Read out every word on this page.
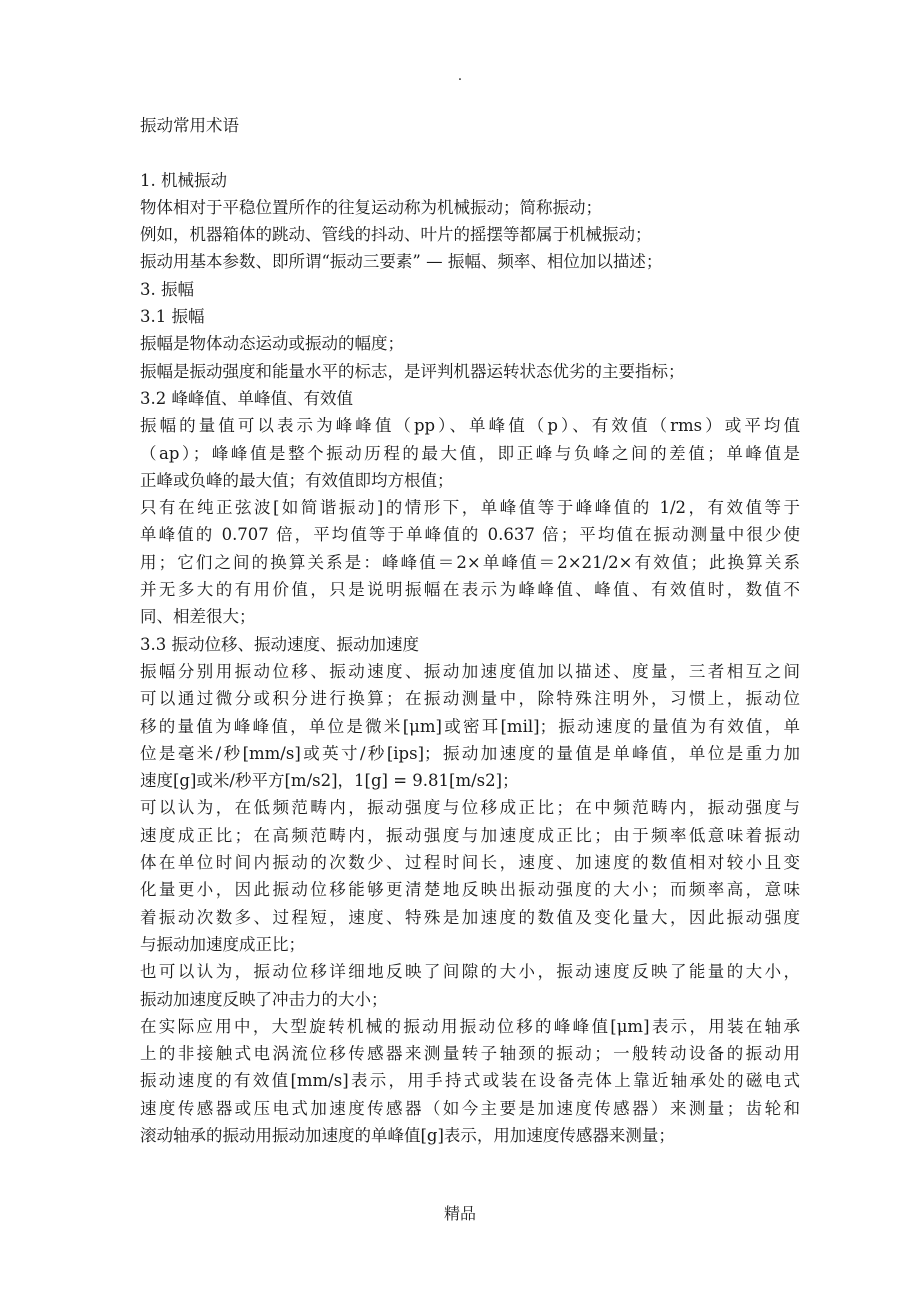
.
振动常用术语
1. 机械振动
物体相对于平稳位置所作的往复运动称为机械振动；简称振动；
例如，机器箱体的跳动、管线的抖动、叶片的摇摆等都属于机械振动；
振动用基本参数、即所谓“振动三要素” — 振幅、频率、相位加以描述；
3. 振幅
3.1 振幅
振幅是物体动态运动或振动的幅度；
振幅是振动强度和能量水平的标志，是评判机器运转状态优劣的主要指标；
3.2 峰峰值、单峰值、有效值
振幅的量值可以表示为峰峰值（pp）、单峰值（p）、有效值（rms）或平均值
（ap）；峰峰值是整个振动历程的最大值，即正峰与负峰之间的差值；单峰值是
正峰或负峰的最大值；有效值即均方根值；
只有在纯正弦波[如简谐振动]的情形下，单峰值等于峰峰值的 1/2，有效值等于
单峰值的 0.707 倍，平均值等于单峰值的 0.637 倍；平均值在振动测量中很少使
用；它们之间的换算关系是：峰峰值＝2×单峰值＝2×21/2×有效值；此换算关系
并无多大的有用价值，只是说明振幅在表示为峰峰值、峰值、有效值时，数值不
同、相差很大；
3.3 振动位移、振动速度、振动加速度
振幅分别用振动位移、振动速度、振动加速度值加以描述、度量，三者相互之间
可以通过微分或积分进行换算；在振动测量中，除特殊注明外，习惯上，振动位
移的量值为峰峰值，单位是微米[μm]或密耳[mil]；振动速度的量值为有效值，单
位是毫米/秒[mm/s]或英寸/秒[ips]；振动加速度的量值是单峰值，单位是重力加
速度[g]或米/秒平方[m/s2]，1[g] = 9.81[m/s2]；
可以认为，在低频范畴内，振动强度与位移成正比；在中频范畴内，振动强度与
速度成正比；在高频范畴内，振动强度与加速度成正比；由于频率低意味着振动
体在单位时间内振动的次数少、过程时间长，速度、加速度的数值相对较小且变
化量更小，因此振动位移能够更清楚地反映出振动强度的大小；而频率高，意味
着振动次数多、过程短，速度、特殊是加速度的数值及变化量大，因此振动强度
与振动加速度成正比；
也可以认为，振动位移详细地反映了间隙的大小，振动速度反映了能量的大小，
振动加速度反映了冲击力的大小；
在实际应用中，大型旋转机械的振动用振动位移的峰峰值[μm]表示，用装在轴承
上的非接触式电涡流位移传感器来测量转子轴颈的振动；一般转动设备的振动用
振动速度的有效值[mm/s]表示，用手持式或装在设备壳体上靠近轴承处的磁电式
速度传感器或压电式加速度传感器（如今主要是加速度传感器）来测量；齿轮和
滚动轴承的振动用振动加速度的单峰值[g]表示，用加速度传感器来测量；
精品
